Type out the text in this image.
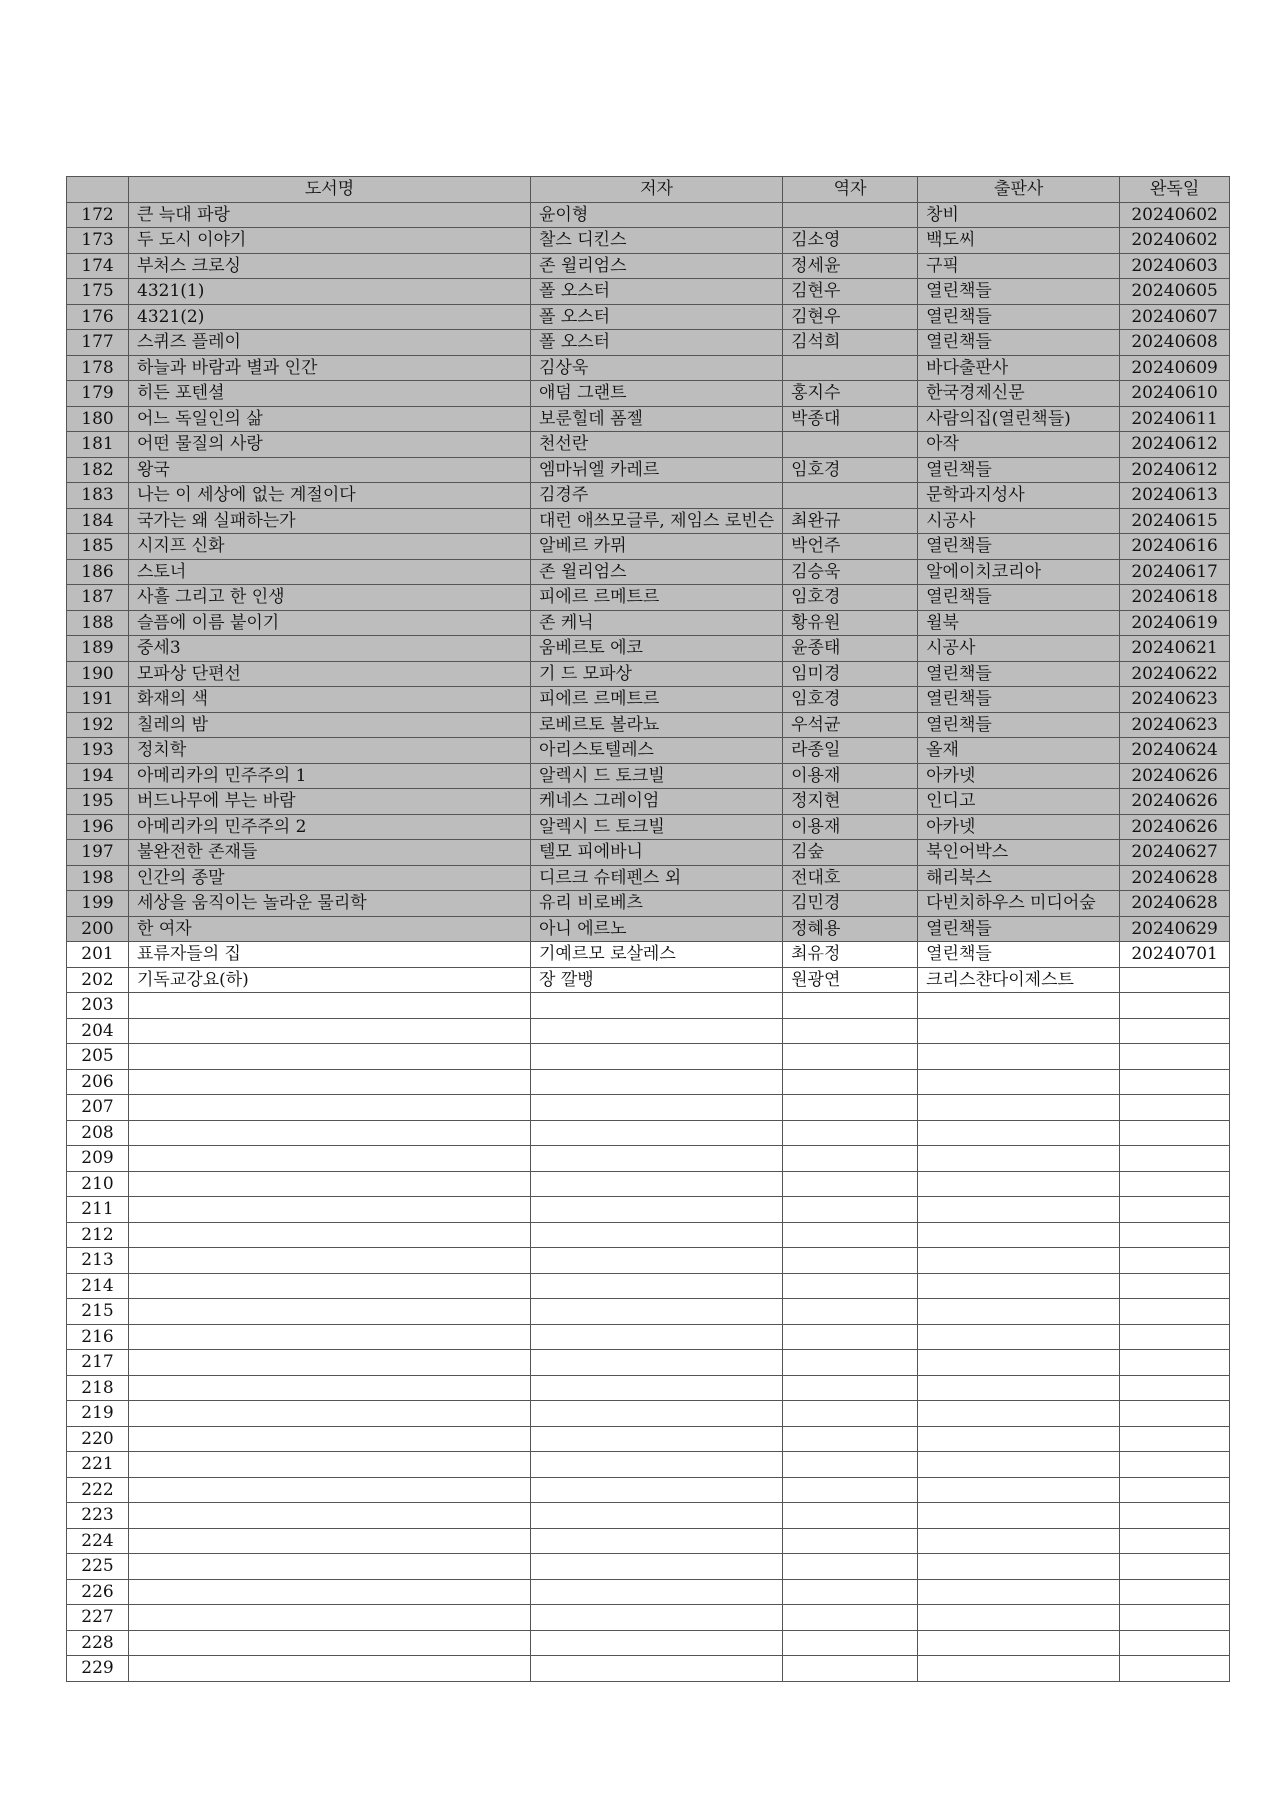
	도서명	저자	역자	출판사	완독일
172	큰 늑대 파랑	윤이형		창비	20240602
173	두 도시 이야기	찰스 디킨스	김소영	백도씨	20240602
174	부처스 크로싱	존 윌리엄스	정세윤	구픽	20240603
175	4321(1)	폴 오스터	김현우	열린책들	20240605
176	4321(2)	폴 오스터	김현우	열린책들	20240607
177	스퀴즈 플레이	폴 오스터	김석희	열린책들	20240608
178	하늘과 바람과 별과 인간	김상욱		바다출판사	20240609
179	히든 포텐셜	애덤 그랜트	홍지수	한국경제신문	20240610
180	어느 독일인의 삶	보룬힐데 폼젤	박종대	사람의집(열린책들)	20240611
181	어떤 물질의 사랑	천선란		아작	20240612
182	왕국	엠마뉘엘 카레르	임호경	열린책들	20240612
183	나는 이 세상에 없는 계절이다	김경주		문학과지성사	20240613
184	국가는 왜 실패하는가	대런 애쓰모글루, 제임스 로빈슨	최완규	시공사	20240615
185	시지프 신화	알베르 카뮈	박언주	열린책들	20240616
186	스토너	존 윌리엄스	김승욱	알에이치코리아	20240617
187	사흘 그리고 한 인생	피에르 르메트르	임호경	열린책들	20240618
188	슬픔에 이름 붙이기	존 케닉	황유원	윌북	20240619
189	중세3	움베르토 에코	윤종태	시공사	20240621
190	모파상 단편선	기 드 모파상	임미경	열린책들	20240622
191	화재의 색	피에르 르메트르	임호경	열린책들	20240623
192	칠레의 밤	로베르토 볼라뇨	우석균	열린책들	20240623
193	정치학	아리스토텔레스	라종일	올재	20240624
194	아메리카의 민주주의 1	알렉시 드 토크빌	이용재	아카넷	20240626
195	버드나무에 부는 바람	케네스 그레이엄	정지현	인디고	20240626
196	아메리카의 민주주의 2	알렉시 드 토크빌	이용재	아카넷	20240626
197	불완전한 존재들	텔모 피에바니	김숲	북인어박스	20240627
198	인간의 종말	디르크 슈테펜스 외	전대호	해리북스	20240628
199	세상을 움직이는 놀라운 물리학	유리 비로베츠	김민경	다빈치하우스 미디어숲	20240628
200	한 여자	아니 에르노	정혜용	열린책들	20240629
201	표류자들의 집	기예르모 로살레스	최유정	열린책들	20240701
202	기독교강요(하)	장 깔뱅	원광연	크리스챤다이제스트	
203					
204					
205					
206					
207					
208					
209					
210					
211					
212					
213					
214					
215					
216					
217					
218					
219					
220					
221					
222					
223					
224					
225					
226					
227					
228					
229					
